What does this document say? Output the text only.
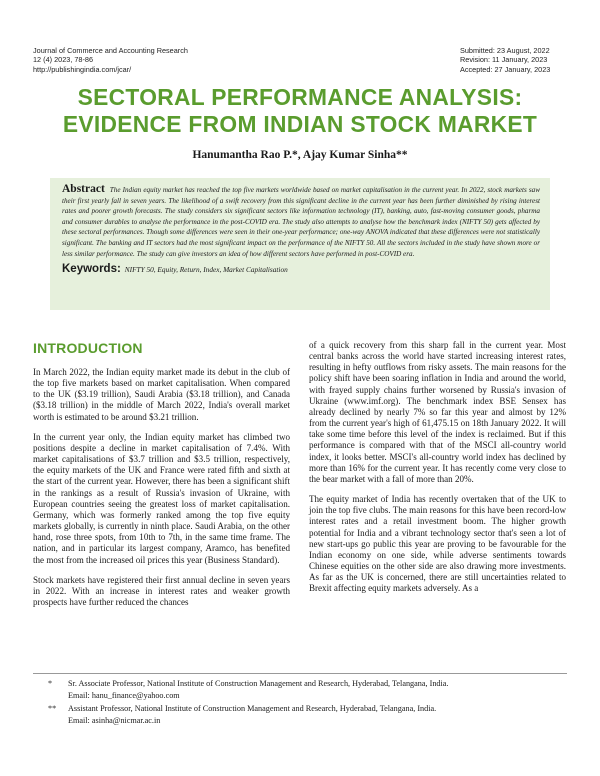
Journal of Commerce and Accounting Research
12 (4) 2023, 78-86
http://publishingindia.com/jcar/
Submitted: 23 August, 2022
Revision: 11 January, 2023
Accepted: 27 January, 2023
SECTORAL PERFORMANCE ANALYSIS:
EVIDENCE FROM INDIAN STOCK MARKET
Hanumantha Rao P.*, Ajay Kumar Sinha**
Abstract The Indian equity market has reached the top five markets worldwide based on market capitalisation in the current year. In 2022, stock markets saw their first yearly fall in seven years. The likelihood of a swift recovery from this significant decline in the current year has been further diminished by rising interest rates and poorer growth forecasts. The study considers six significant sectors like information technology (IT), banking, auto, fast-moving consumer goods, pharma and consumer durables to analyse the performance in the post-COVID era. The study also attempts to analyse how the benchmark index (NIFTY 50) gets affected by these sectoral performances. Though some differences were seen in their one-year performance; one-way ANOVA indicated that these differences were not statistically significant. The banking and IT sectors had the most significant impact on the performance of the NIFTY 50. All the sectors included in the study have shown more or less similar performance. The study can give investors an idea of how different sectors have performed in post-COVID era.
Keywords: NIFTY 50, Equity, Return, Index, Market Capitalisation
INTRODUCTION

In March 2022, the Indian equity market made its debut in the club of the top five markets based on market capitalisation. When compared to the UK ($3.19 trillion), Saudi Arabia ($3.18 trillion), and Canada ($3.18 trillion) in the middle of March 2022, India's overall market worth is estimated to be around $3.21 trillion.

In the current year only, the Indian equity market has climbed two positions despite a decline in market capitalisation of 7.4%. With market capitalisations of $3.7 trillion and $3.5 trillion, respectively, the equity markets of the UK and France were rated fifth and sixth at the start of the current year. However, there has been a significant shift in the rankings as a result of Russia's invasion of Ukraine, with European countries seeing the greatest loss of market capitalisation. Germany, which was formerly ranked among the top five equity markets globally, is currently in ninth place. Saudi Arabia, on the other hand, rose three spots, from 10th to 7th, in the same time frame. The nation, and in particular its largest company, Aramco, has benefited the most from the increased oil prices this year (Business Standard).

Stock markets have registered their first annual decline in seven years in 2022. With an increase in interest rates and weaker growth prospects have further reduced the chances

of a quick recovery from this sharp fall in the current year. Most central banks across the world have started increasing interest rates, resulting in hefty outflows from risky assets. The main reasons for the policy shift have been soaring inflation in India and around the world, with frayed supply chains further worsened by Russia's invasion of Ukraine (www.imf.org). The benchmark index BSE Sensex has already declined by nearly 7% so far this year and almost by 12% from the current year's high of 61,475.15 on 18th January 2022. It will take some time before this level of the index is reclaimed. But if this performance is compared with that of the MSCI all-country world index, it looks better. MSCI's all-country world index has declined by more than 16% for the current year. It has recently come very close to the bear market with a fall of more than 20%.

The equity market of India has recently overtaken that of the UK to join the top five clubs. The main reasons for this have been record-low interest rates and a retail investment boom. The higher growth potential for India and a vibrant technology sector that's seen a lot of new start-ups go public this year are proving to be favourable for the Indian economy on one side, while adverse sentiments towards Chinese equities on the other side are also drawing more investments. As far as the UK is concerned, there are still uncertainties related to Brexit affecting equity markets adversely. As a

*	Sr. Associate Professor, National Institute of Construction Management and Research, Hyderabad, Telangana, India.
Email: hanu_finance@yahoo.com
**	Assistant Professor, National Institute of Construction Management and Research, Hyderabad, Telangana, India.
Email: asinha@nicmar.ac.in
